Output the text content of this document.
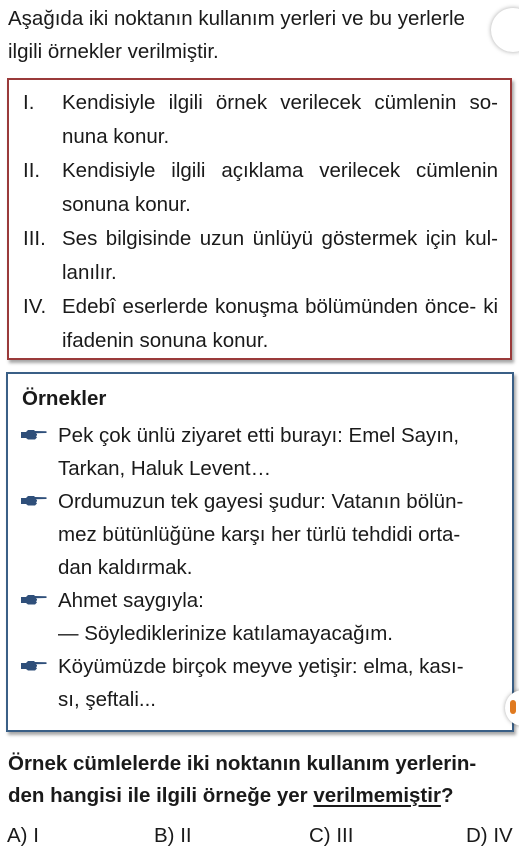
Aşağıda iki noktanın kullanım yerleri ve bu yerlerle
ilgili örnekler verilmiştir.

I. Kendisiyle ilgili örnek verilecek cümlenin so- nuna konur.
II. Kendisiyle ilgili açıklama verilecek cümlenin sonuna konur.
III. Ses bilgisinde uzun ünlüyü göstermek için kul- lanılır.
IV. Edebî eserlerde konuşma bölümünden önce- ki ifadenin sonuna konur.
Örnekler
Pek çok ünlü ziyaret etti burayı: Emel Sayın,
Tarkan, Haluk Levent…
Ordumuzun tek gayesi şudur: Vatanın bölün-
mez bütünlüğüne karşı her türlü tehdidi orta-
dan kaldırmak.
Ahmet saygıyla:
— Söylediklerinize katılamayacağım.
Köyümüzde birçok meyve yetişir: elma, kası-
sı, şeftali...

Örnek cümlelerde iki noktanın kullanım yerlerin-
den hangisi ile ilgili örneğe yer verilmemiştir?

A) I	B) II	C) III	D) IV
